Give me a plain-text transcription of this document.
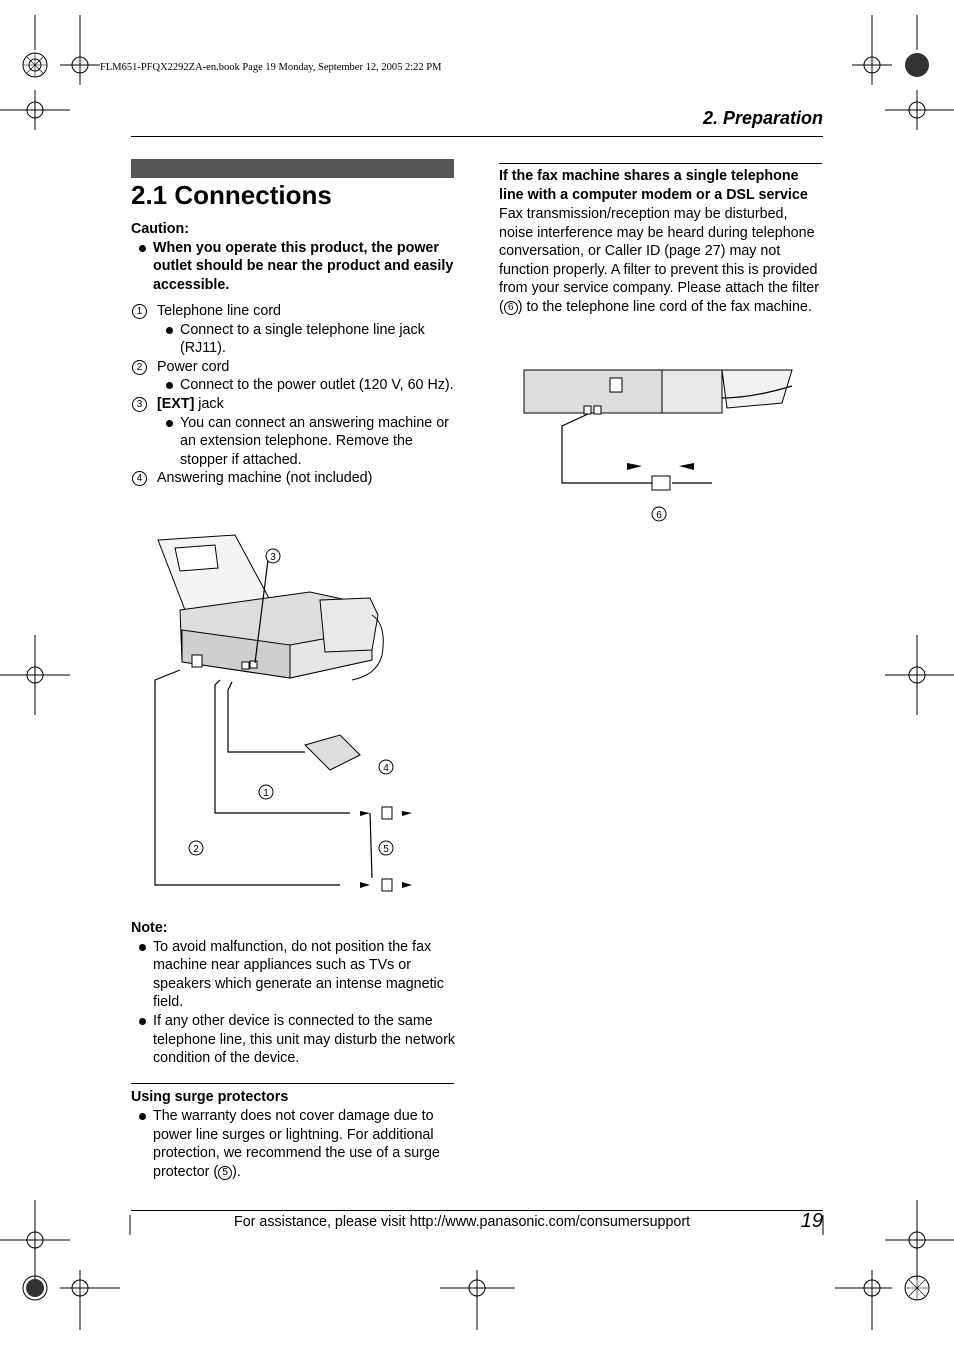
FLM651-PFQX2292ZA-en.book Page 19 Monday, September 12, 2005 2:22 PM
2. Preparation
2.1 Connections
Caution:
When you operate this product, the power outlet should be near the product and easily accessible.
1	Telephone line cord
Connect to a single telephone line jack (RJ11).
2	Power cord
Connect to the power outlet (120 V, 60 Hz).
3	[EXT] jack
You can connect an answering machine or an extension telephone. Remove the stopper if attached.
4	Answering machine (not included)
3
4
1
2	5
Note:
To avoid malfunction, do not position the fax machine near appliances such as TVs or speakers which generate an intense magnetic field.
If any other device is connected to the same telephone line, this unit may disturb the network condition of the device.
Using surge protectors
The warranty does not cover damage due to power line surges or lightning. For additional protection, we recommend the use of a surge protector ( 5 ).
If the fax machine shares a single telephone line with a computer modem or a DSL service
Fax transmission/reception may be disturbed, noise interference may be heard during telephone conversation, or Caller ID (page 27) may not function properly. A filter to prevent this is provided from your service company. Please attach the filter ( 6 ) to the telephone line cord of the fax machine.
6
For assistance, please visit http://www.panasonic.com/consumersupport	19
